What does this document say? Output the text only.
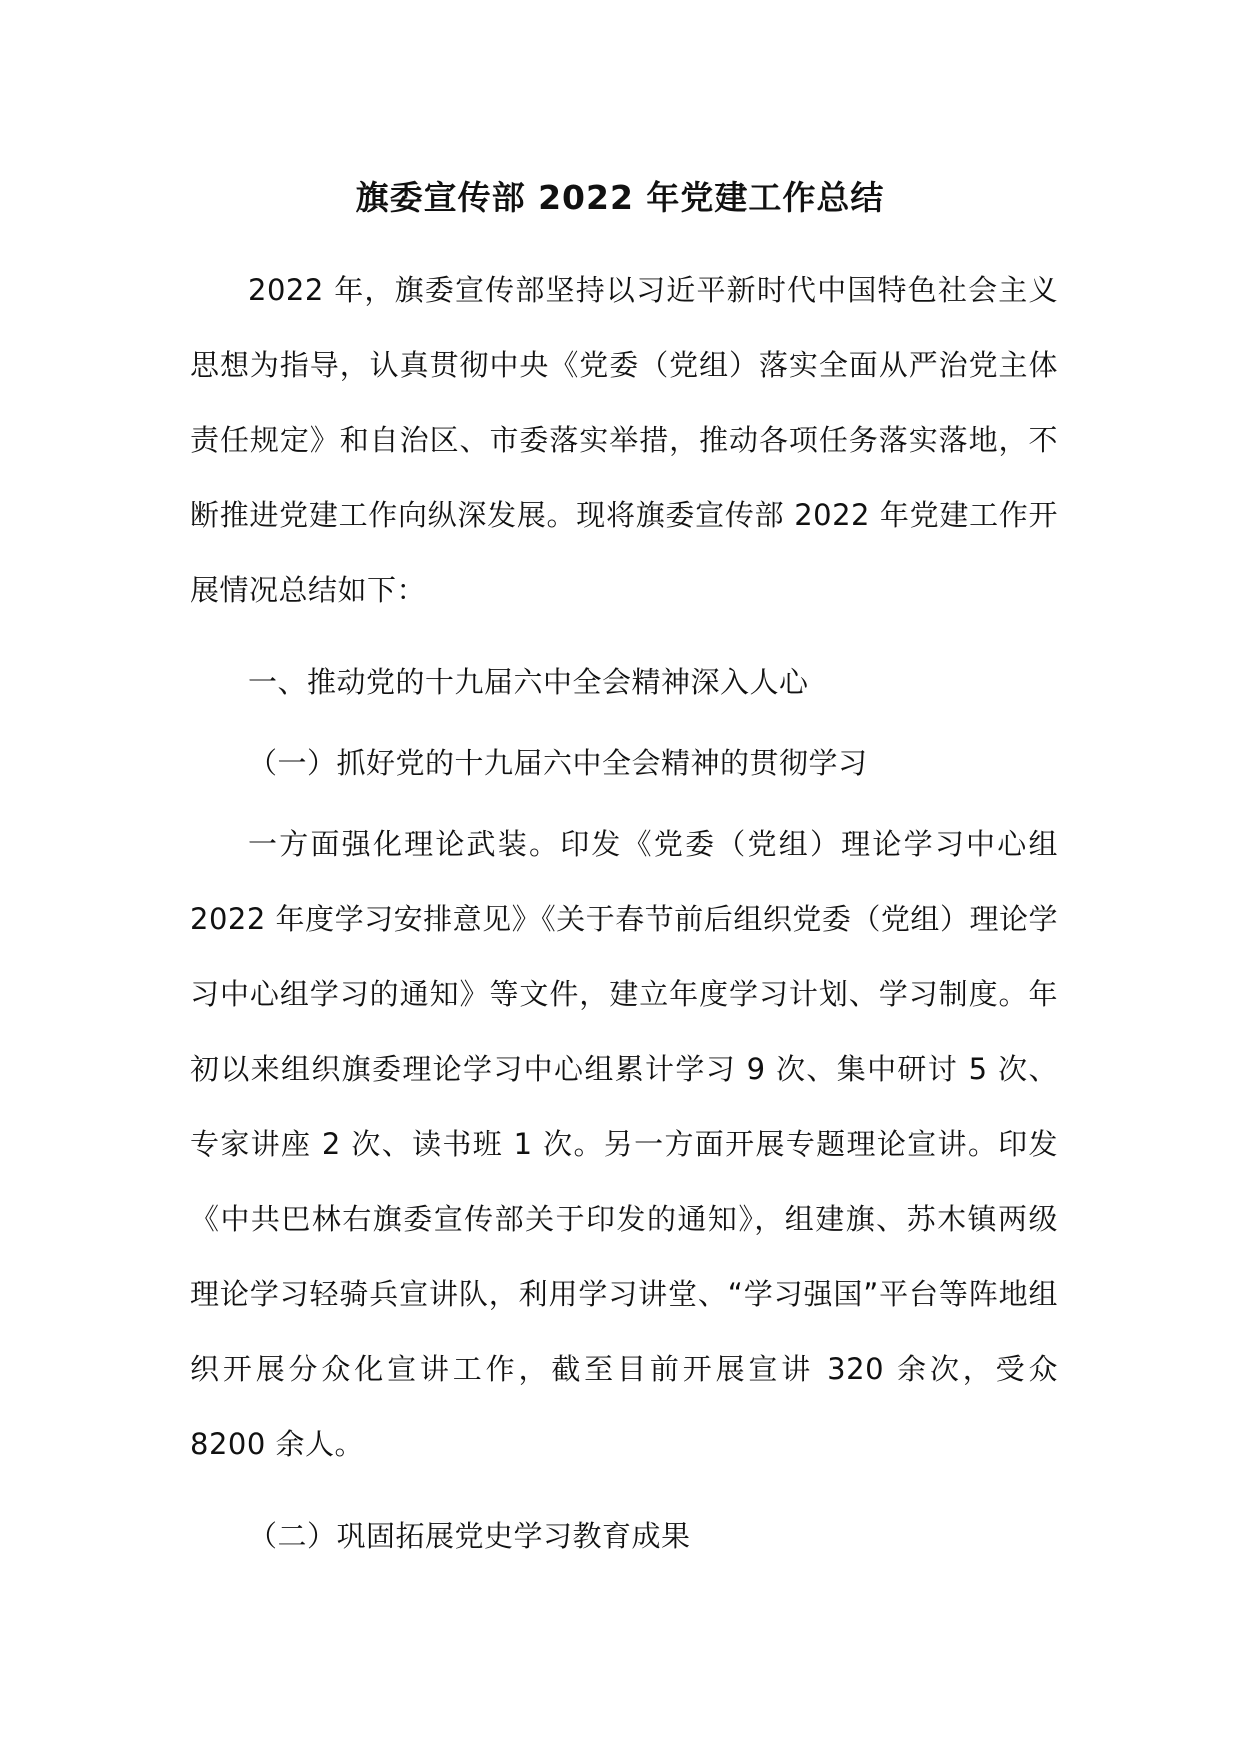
旗委宣传部 2022 年党建工作总结

2022 年，旗委宣传部坚持以习近平新时代中国特色社会主义思想为指导，认真贯彻中央《党委（党组）落实全面从严治党主体责任规定》和自治区、市委落实举措，推动各项任务落实落地，不断推进党建工作向纵深发展。现将旗委宣传部 2022 年党建工作开展情况总结如下：

一、推动党的十九届六中全会精神深入人心

（一）抓好党的十九届六中全会精神的贯彻学习

一方面强化理论武装。印发《党委（党组）理论学习中心组 2022 年度学习安排意见》《关于春节前后组织党委（党组）理论学习中心组学习的通知》等文件，建立年度学习计划、学习制度。年初以来组织旗委理论学习中心组累计学习 9 次、集中研讨 5 次、专家讲座 2 次、读书班 1 次。另一方面开展专题理论宣讲。印发《中共巴林右旗委宣传部关于印发的通知》，组建旗、苏木镇两级理论学习轻骑兵宣讲队，利用学习讲堂、“学习强国”平台等阵地组织开展分众化宣讲工作，截至目前开展宣讲 320 余次，受众 8200 余人。

（二）巩固拓展党史学习教育成果
